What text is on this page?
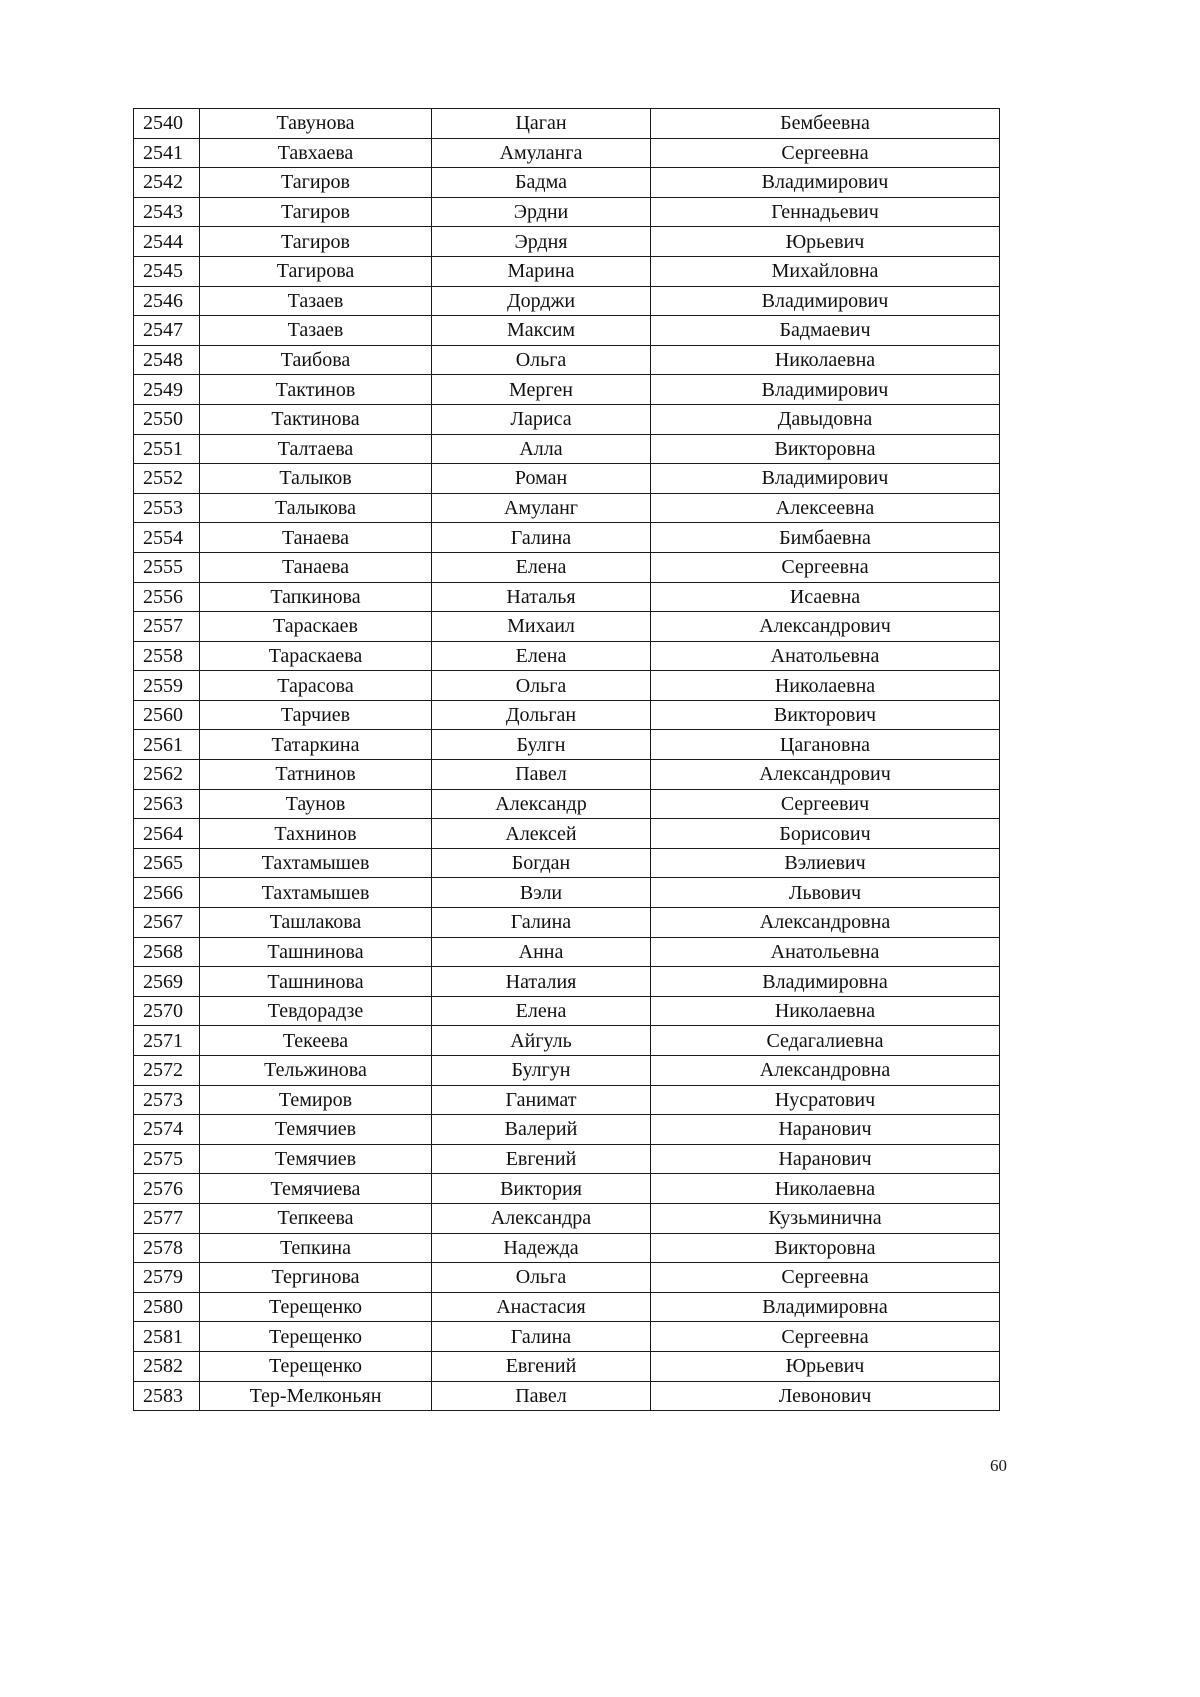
2540	Тавунова	Цаган	Бембеевна
2541	Тавхаева	Амуланга	Сергеевна
2542	Тагиров	Бадма	Владимирович
2543	Тагиров	Эрдни	Геннадьевич
2544	Тагиров	Эрдня	Юрьевич
2545	Тагирова	Марина	Михайловна
2546	Тазаев	Дорджи	Владимирович
2547	Тазаев	Максим	Бадмаевич
2548	Таибова	Ольга	Николаевна
2549	Тактинов	Мерген	Владимирович
2550	Тактинова	Лариса	Давыдовна
2551	Талтаева	Алла	Викторовна
2552	Талыков	Роман	Владимирович
2553	Талыкова	Амуланг	Алексеевна
2554	Танаева	Галина	Бимбаевна
2555	Танаева	Елена	Сергеевна
2556	Тапкинова	Наталья	Исаевна
2557	Тараскаев	Михаил	Александрович
2558	Тараскаева	Елена	Анатольевна
2559	Тарасова	Ольга	Николаевна
2560	Тарчиев	Дольган	Викторович
2561	Татаркина	Булгн	Цагановна
2562	Татнинов	Павел	Александрович
2563	Таунов	Александр	Сергеевич
2564	Тахнинов	Алексей	Борисович
2565	Тахтамышев	Богдан	Вэлиевич
2566	Тахтамышев	Вэли	Львович
2567	Ташлакова	Галина	Александровна
2568	Ташнинова	Анна	Анатольевна
2569	Ташнинова	Наталия	Владимировна
2570	Тевдорадзе	Елена	Николаевна
2571	Текеева	Айгуль	Седагалиевна
2572	Тельжинова	Булгун	Александровна
2573	Темиров	Ганимат	Нусратович
2574	Темячиев	Валерий	Наранович
2575	Темячиев	Евгений	Наранович
2576	Темячиева	Виктория	Николаевна
2577	Тепкеева	Александра	Кузьминична
2578	Тепкина	Надежда	Викторовна
2579	Тергинова	Ольга	Сергеевна
2580	Терещенко	Анастасия	Владимировна
2581	Терещенко	Галина	Сергеевна
2582	Терещенко	Евгений	Юрьевич
2583	Тер-Мелконьян	Павел	Левонович
60
